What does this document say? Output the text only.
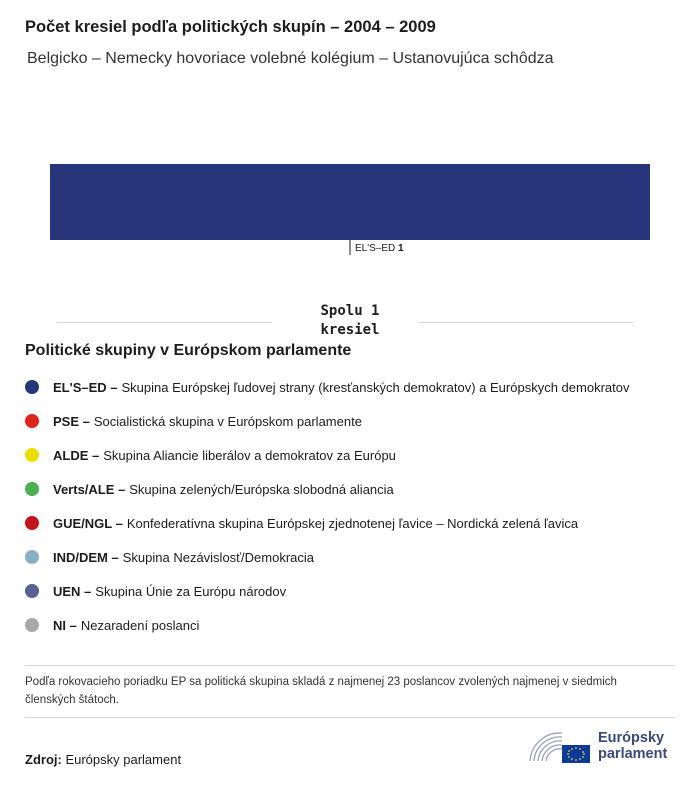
Počet kresiel podľa politických skupín – 2004 – 2009

Belgicko – Nemecky hovoriace volebné kolégium – Ustanovujúca schôdza

EL'S–ED 1
Spolu 1
kresiel
Politické skupiny v Európskom parlamente
EL'S–ED – Skupina Európskej ľudovej strany (kresťanských demokratov) a Európskych demokratov
PSE – Socialistická skupina v Európskom parlamente
ALDE – Skupina Aliancie liberálov a demokratov za Európu
Verts/ALE – Skupina zelených/Európska slobodná aliancia
GUE/NGL – Konfederatívna skupina Európskej zjednotenej ľavice – Nordická zelená ľavica
IND/DEM – Skupina Nezávislosť/Demokracia
UEN – Skupina Únie za Európu národov
NI – Nezaradení poslanci

Podľa rokovacieho poriadku EP sa politická skupina skladá z najmenej 23 poslancov zvolených najmenej v siedmich členských štátoch.

Zdroj: Európsky parlament

Európsky
parlament
